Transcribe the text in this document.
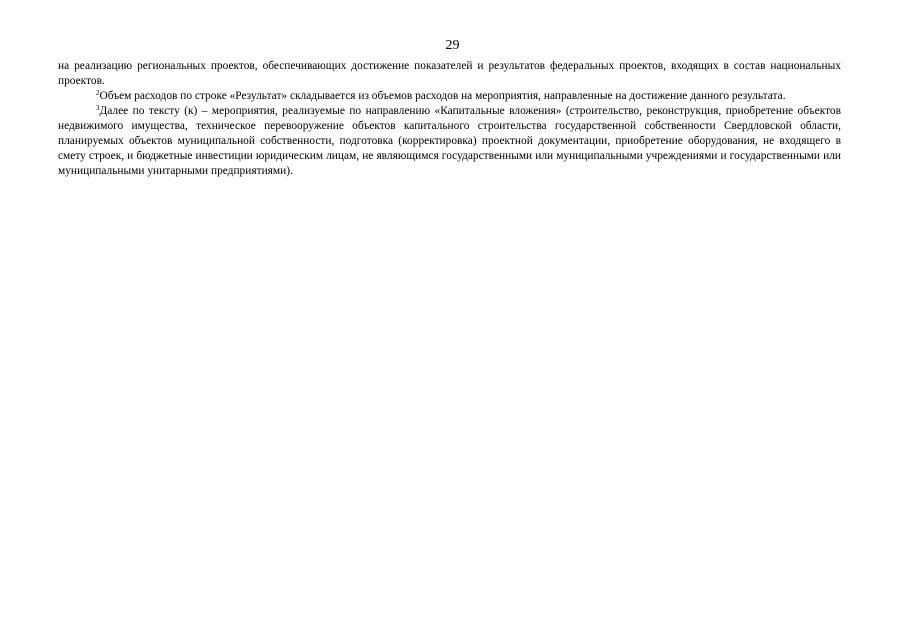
29

на реализацию региональных проектов, обеспечивающих достижение показателей и результатов федеральных проектов, входящих в состав национальных проектов.

$^2$Объем расходов по строке «Результат» складывается из объемов расходов на мероприятия, направленные на достижение данного результата.

$^3$Далее по тексту (к) – мероприятия, реализуемые по направлению «Капитальные вложения» (строительство, реконструкция, приобретение объектов недвижимого имущества, техническое перевооружение объектов капитального строительства государственной собственности Свердловской области, планируемых объектов муниципальной собственности, подготовка (корректировка) проектной документации, приобретение оборудования, не входящего в смету строек, и бюджетные инвестиции юридическим лицам, не являющимся государственными или муниципальными учреждениями и государственными или муниципальными унитарными предприятиями).
